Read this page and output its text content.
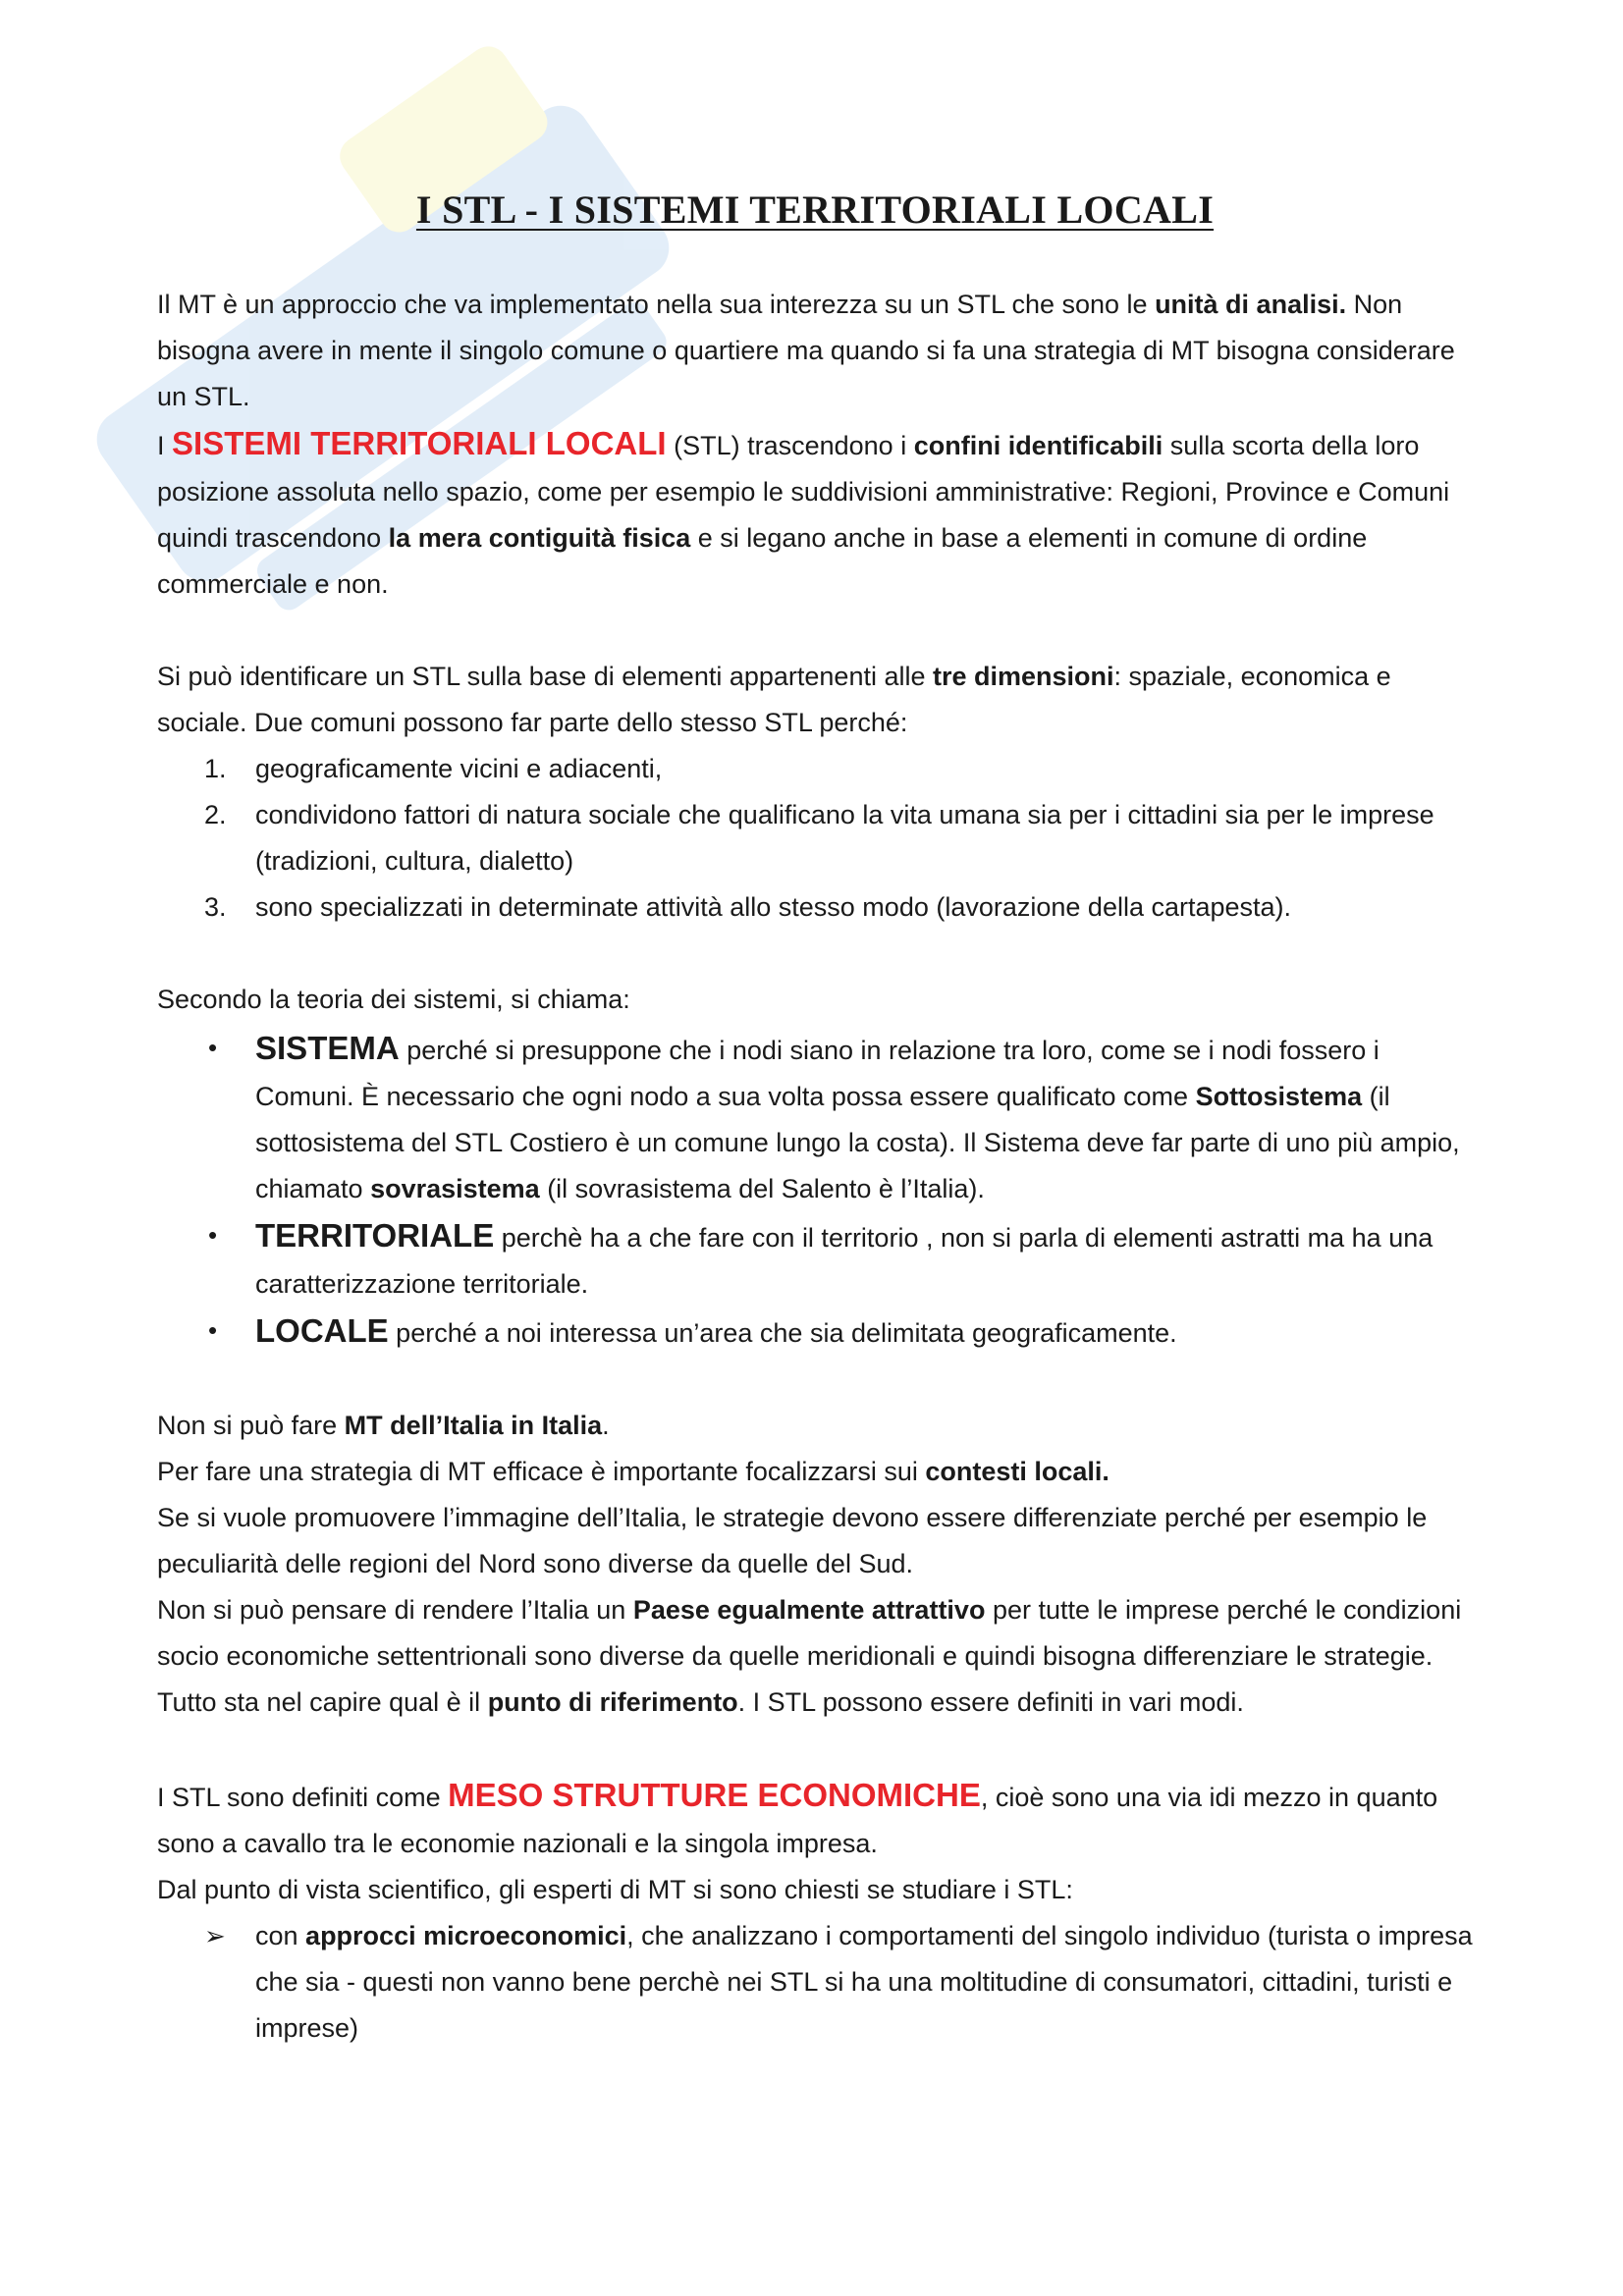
I STL - I SISTEMI TERRITORIALI LOCALI

Il MT è un approccio che va implementato nella sua interezza su un STL che sono le unità di analisi. Non bisogna avere in mente il singolo comune o quartiere ma quando si fa una strategia di MT bisogna considerare un STL.

I SISTEMI TERRITORIALI LOCALI (STL) trascendono i confini identificabili sulla scorta della loro posizione assoluta nello spazio, come per esempio le suddivisioni amministrative: Regioni, Province e Comuni quindi trascendono la mera contiguità fisica e si legano anche in base a elementi in comune di ordine commerciale e non.

Si può identificare un STL sulla base di elementi appartenenti alle tre dimensioni: spaziale, economica e sociale. Due comuni possono far parte dello stesso STL perché:

1. geograficamente vicini e adiacenti,
2. condividono fattori di natura sociale che qualificano la vita umana sia per i cittadini sia per le imprese (tradizioni, cultura, dialetto)
3. sono specializzati in determinate attività allo stesso modo (lavorazione della cartapesta).

Secondo la teoria dei sistemi, si chiama:

• SISTEMA perché si presuppone che i nodi siano in relazione tra loro, come se i nodi fossero i Comuni. È necessario che ogni nodo a sua volta possa essere qualificato come Sottosistema (il sottosistema del STL Costiero è un comune lungo la costa). Il Sistema deve far parte di uno più ampio, chiamato sovrasistema (il sovrasistema del Salento è l’Italia).
• TERRITORIALE perchè ha a che fare con il territorio , non si parla di elementi astratti ma ha una caratterizzazione territoriale.
• LOCALE perché a noi interessa un’area che sia delimitata geograficamente.

Non si può fare MT dell’Italia in Italia.

Per fare una strategia di MT efficace è importante focalizzarsi sui contesti locali.

Se si vuole promuovere l’immagine dell’Italia, le strategie devono essere differenziate perché per esempio le peculiarità delle regioni del Nord sono diverse da quelle del Sud.

Non si può pensare di rendere l’Italia un Paese egualmente attrattivo per tutte le imprese perché le condizioni socio economiche settentrionali sono diverse da quelle meridionali e quindi bisogna differenziare le strategie. Tutto sta nel capire qual è il punto di riferimento. I STL possono essere definiti in vari modi.

I STL sono definiti come MESO STRUTTURE ECONOMICHE, cioè sono una via idi mezzo in quanto sono a cavallo tra le economie nazionali e la singola impresa.

Dal punto di vista scientifico, gli esperti di MT si sono chiesti se studiare i STL:

➢ con approcci microeconomici, che analizzano i comportamenti del singolo individuo (turista o impresa che sia - questi non vanno bene perchè nei STL si ha una moltitudine di consumatori, cittadini, turisti e imprese)
